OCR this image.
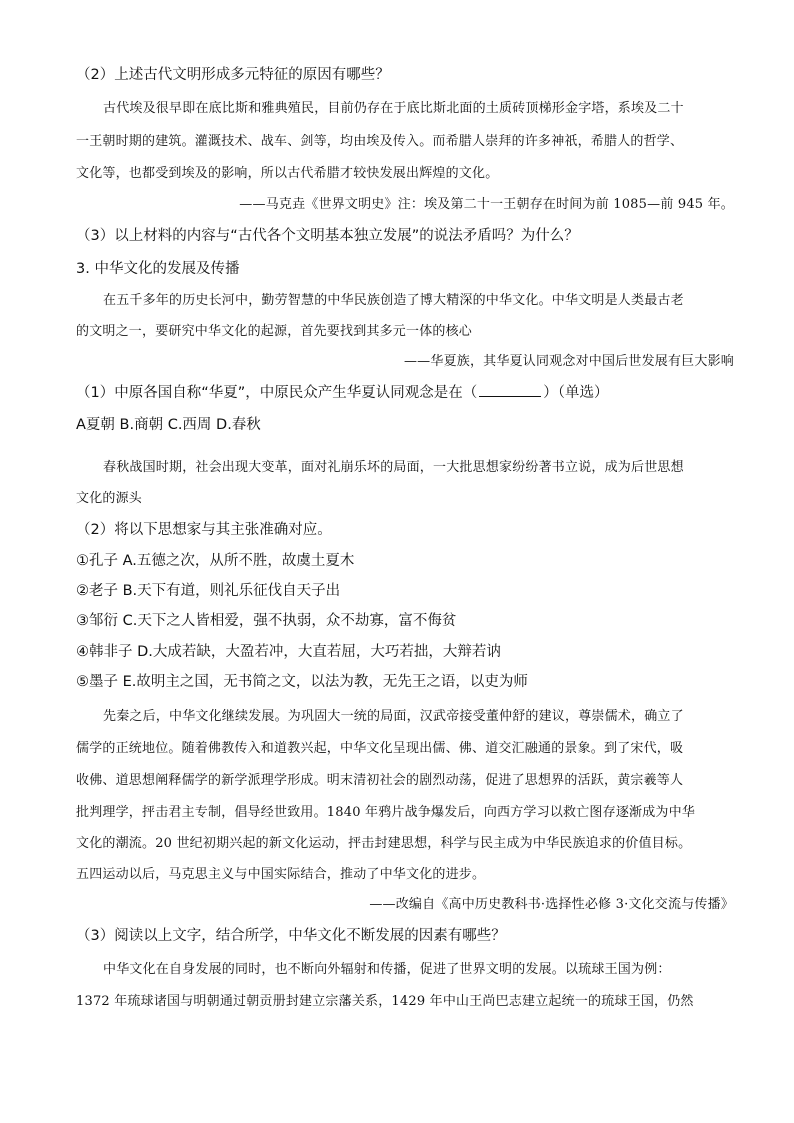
（2）上述古代文明形成多元特征的原因有哪些？
古代埃及很早即在底比斯和雅典殖民，目前仍存在于底比斯北面的土质砖顶梯形金字塔，系埃及二十
一王朝时期的建筑。灌溉技术、战车、剑等，均由埃及传入。而希腊人崇拜的许多神祇，希腊人的哲学、
文化等，也都受到埃及的影响，所以古代希腊才较快发展出辉煌的文化。
——马克垚《世界文明史》注：埃及第二十一王朝存在时间为前 1085—前 945 年。
（3）以上材料的内容与“古代各个文明基本独立发展”的说法矛盾吗？为什么？
3. 中华文化的发展及传播
在五千多年的历史长河中，勤劳智慧的中华民族创造了博大精深的中华文化。中华文明是人类最古老
的文明之一，要研究中华文化的起源，首先要找到其多元一体的核心
——华夏族，其华夏认同观念对中国后世发展有巨大影响
（1）中原各国自称“华夏”，中原民众产生华夏认同观念是在（	）（单选）
A夏朝 B.商朝 C.西周 D.春秋
春秋战国时期，社会出现大变革，面对礼崩乐坏的局面，一大批思想家纷纷著书立说，成为后世思想
文化的源头
（2）将以下思想家与其主张准确对应。
①孔子 A.五德之次，从所不胜，故虞土夏木
②老子 B.天下有道，则礼乐征伐自天子出
③邹衍 C.天下之人皆相爱，强不执弱，众不劫寡，富不侮贫
④韩非子 D.大成若缺，大盈若冲，大直若屈，大巧若拙，大辩若讷
⑤墨子 E.故明主之国，无书简之文，以法为教，无先王之语，以吏为师
先秦之后，中华文化继续发展。为巩固大一统的局面，汉武帝接受董仲舒的建议，尊崇儒术，确立了
儒学的正统地位。随着佛教传入和道教兴起，中华文化呈现出儒、佛、道交汇融通的景象。到了宋代，吸
收佛、道思想阐释儒学的新学派理学形成。明末清初社会的剧烈动荡，促进了思想界的活跃，黄宗羲等人
批判理学，抨击君主专制，倡导经世致用。1840 年鸦片战争爆发后，向西方学习以救亡图存逐渐成为中华
文化的潮流。20 世纪初期兴起的新文化运动，抨击封建思想，科学与民主成为中华民族追求的价值目标。
五四运动以后，马克思主义与中国实际结合，推动了中华文化的进步。
——改编自《高中历史教科书·选择性必修 3·文化交流与传播》
（3）阅读以上文字，结合所学，中华文化不断发展的因素有哪些？
中华文化在自身发展的同时，也不断向外辐射和传播，促进了世界文明的发展。以琉球王国为例：
1372 年琉球诸国与明朝通过朝贡册封建立宗藩关系，1429 年中山王尚巴志建立起统一的琉球王国，仍然
